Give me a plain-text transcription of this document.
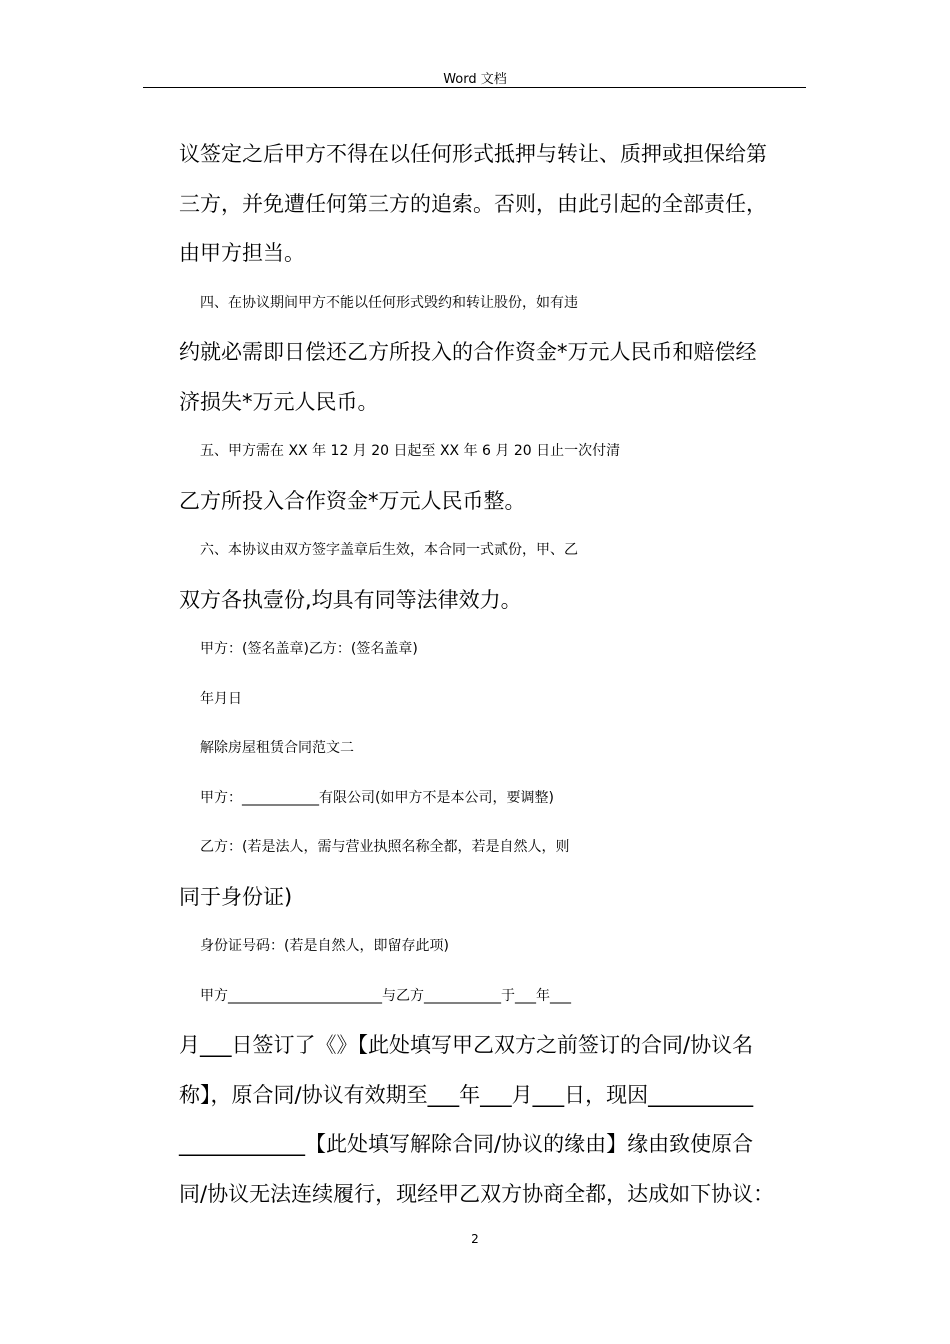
Word 文档
议签定之后甲方不得在以任何形式抵押与转让、质押或担保给第
三方，并免遭任何第三方的追索。否则，由此引起的全部责任，
由甲方担当。
四、在协议期间甲方不能以任何形式毁约和转让股份，如有违
约就必需即日偿还乙方所投入的合作资金*万元人民币和赔偿经
济损失*万元人民币。
五、甲方需在 XX 年 12 月 20 日起至 XX 年 6 月 20 日止一次付清
乙方所投入合作资金*万元人民币整。
六、本协议由双方签字盖章后生效，本合同一式贰份，甲、乙
双方各执壹份,均具有同等法律效力。
甲方：(签名盖章)乙方：(签名盖章)
年月日
解除房屋租赁合同范文二
甲方：___________有限公司(如甲方不是本公司，要调整)
乙方：(若是法人，需与营业执照名称全都，若是自然人，则
同于身份证)
身份证号码：(若是自然人，即留存此项)
甲方______________________与乙方___________于___年___
月___日签订了《》【此处填写甲乙双方之前签订的合同/协议名
称】，原合同/协议有效期至___年___月___日，现因__________
____________【此处填写解除合同/协议的缘由】缘由致使原合
同/协议无法连续履行，现经甲乙双方协商全都，达成如下协议：
2
